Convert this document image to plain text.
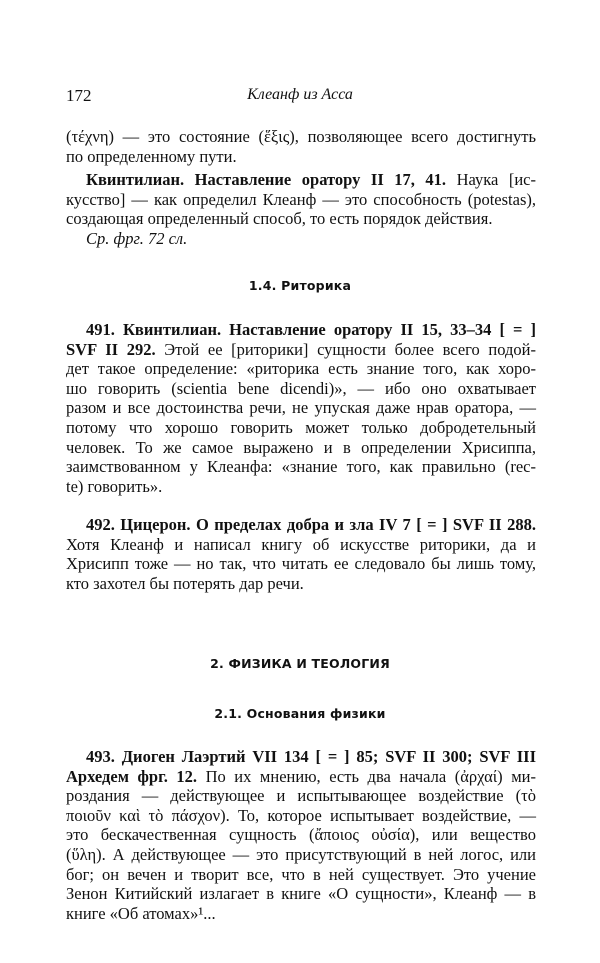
172	Клеанф из Асса
(τέχνη) — это состояние (ἕξις), позволяющее всего достигнуть
по определенному пути.
Квинтилиан. Наставление оратору II 17, 41. Наука [ис-
кусство] — как определил Клеанф — это способность (potestas),
создающая определенный способ, то есть порядок действия.
Ср. фрг. 72 сл.
1.4. Риторика
491. Квинтилиан. Наставление оратору II 15, 33–34 [ = ]
SVF II 292. Этой ее [риторики] сущности более всего подой-
дет такое определение: «риторика есть знание того, как хоро-
шо говорить (scientia bene dicendi)», — ибо оно охватывает
разом и все достоинства речи, не упуская даже нрав оратора, —
потому что хорошо говорить может только добродетельный
человек. То же самое выражено и в определении Хрисиппа,
заимствованном у Клеанфа: «знание того, как правильно (rec-
te) говорить».
492. Цицерон. О пределах добра и зла IV 7 [ = ] SVF II 288.
Хотя Клеанф и написал книгу об искусстве риторики, да и
Хрисипп тоже — но так, что читать ее следовало бы лишь тому,
кто захотел бы потерять дар речи.
2. ФИЗИКА И ТЕОЛОГИЯ
2.1. Основания физики
493. Диоген Лаэртий VII 134 [ = ] 85; SVF II 300; SVF III
Архедем фрг. 12. По их мнению, есть два начала (ἀρχαί) ми-
роздания — действующее и испытывающее воздействие (τὸ
ποιοῦν καὶ τὸ πάσχον). То, которое испытывает воздействие, —
это бескачественная сущность (ἄποιος οὐσία), или вещество
(ὕλη). А действующее — это присутствующий в ней логос, или
бог; он вечен и творит все, что в ней существует. Это учение
Зенон Китийский излагает в книге «О сущности», Клеанф — в
книге «Об атомах»¹...
